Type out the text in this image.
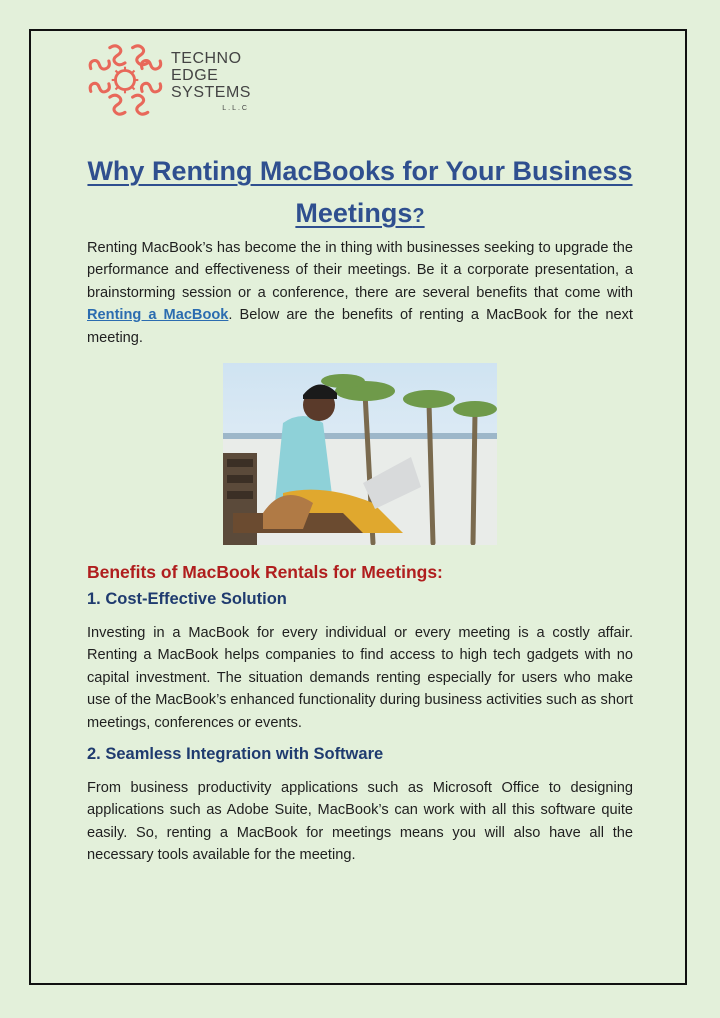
TECHNO
EDGE
SYSTEMS
L.L.C
Why Renting MacBooks for Your Business Meetings?

Renting MacBook’s has become the in thing with businesses seeking to upgrade the performance and effectiveness of their meetings. Be it a corporate presentation, a brainstorming session or a conference, there are several benefits that come with Renting a MacBook. Below are the benefits of renting a MacBook for the next meeting.

Benefits of MacBook Rentals for Meetings:
1. Cost-Effective Solution

Investing in a MacBook for every individual or every meeting is a costly affair. Renting a MacBook helps companies to find access to high tech gadgets with no capital investment. The situation demands renting especially for users who make use of the MacBook’s enhanced functionality during business activities such as short meetings, conferences or events.

2. Seamless Integration with Software

From business productivity applications such as Microsoft Office to designing applications such as Adobe Suite, MacBook’s can work with all this software quite easily. So, renting a MacBook for meetings means you will also have all the necessary tools available for the meeting.
